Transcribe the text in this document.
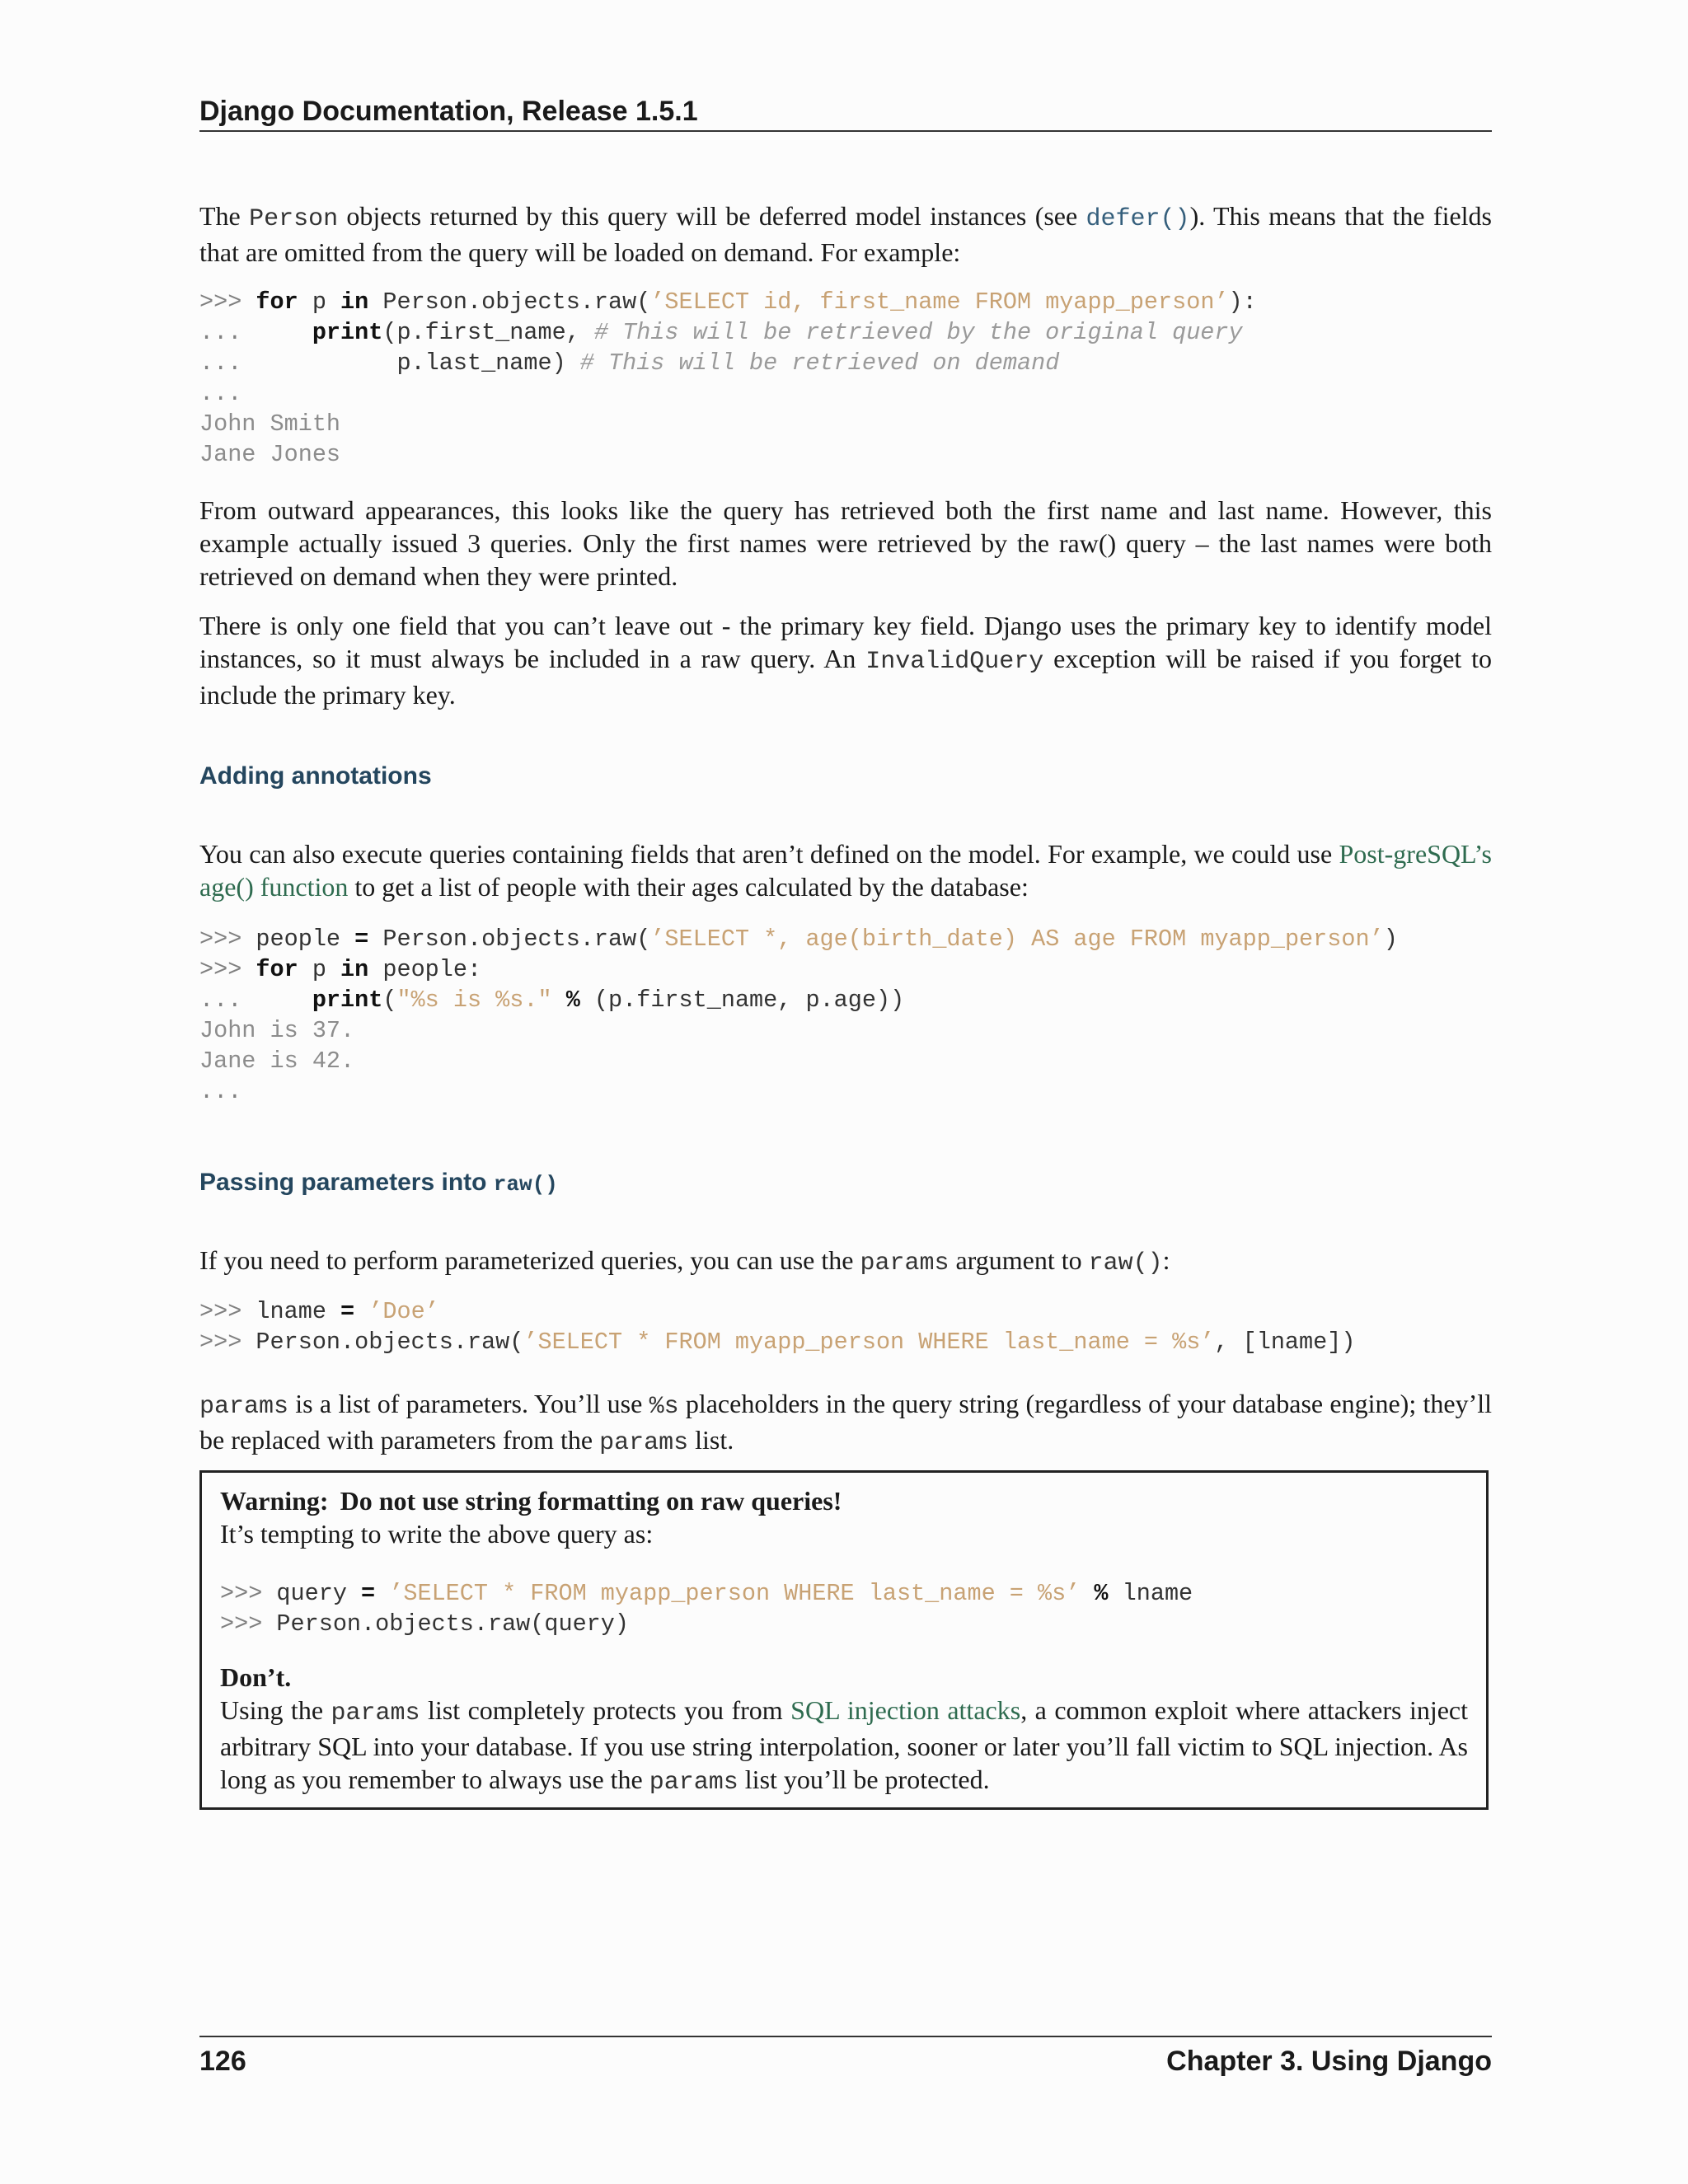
Django Documentation, Release 1.5.1

The Person objects returned by this query will be deferred model instances (see defer()). This means that the fields that are omitted from the query will be loaded on demand. For example:

>>> for p in Person.objects.raw(’SELECT id, first_name FROM myapp_person’):
...     print(p.first_name, # This will be retrieved by the original query
...           p.last_name) # This will be retrieved on demand
...
John Smith
Jane Jones

From outward appearances, this looks like the query has retrieved both the first name and last name. However, this example actually issued 3 queries. Only the first names were retrieved by the raw() query – the last names were both retrieved on demand when they were printed.

There is only one field that you can’t leave out - the primary key field. Django uses the primary key to identify model instances, so it must always be included in a raw query. An InvalidQuery exception will be raised if you forget to include the primary key.

Adding annotations

You can also execute queries containing fields that aren’t defined on the model. For example, we could use Post-greSQL’s age() function to get a list of people with their ages calculated by the database:

>>> people = Person.objects.raw(’SELECT *, age(birth_date) AS age FROM myapp_person’)
>>> for p in people:
...     print("%s is %s." % (p.first_name, p.age))
John is 37.
Jane is 42.
...
Passing parameters into raw()

If you need to perform parameterized queries, you can use the params argument to raw():

>>> lname = ’Doe’
>>> Person.objects.raw(’SELECT * FROM myapp_person WHERE last_name = %s’, [lname])

params is a list of parameters. You’ll use %s placeholders in the query string (regardless of your database engine); they’ll be replaced with parameters from the params list.

Warning: Do not use string formatting on raw queries!

It’s tempting to write the above query as:

>>> query = ’SELECT * FROM myapp_person WHERE last_name = %s’ % lname
>>> Person.objects.raw(query)
Don’t.

Using the params list completely protects you from SQL injection attacks, a common exploit where attackers inject arbitrary SQL into your database. If you use string interpolation, sooner or later you’ll fall victim to SQL injection. As long as you remember to always use the params list you’ll be protected.

126	Chapter 3. Using Django
